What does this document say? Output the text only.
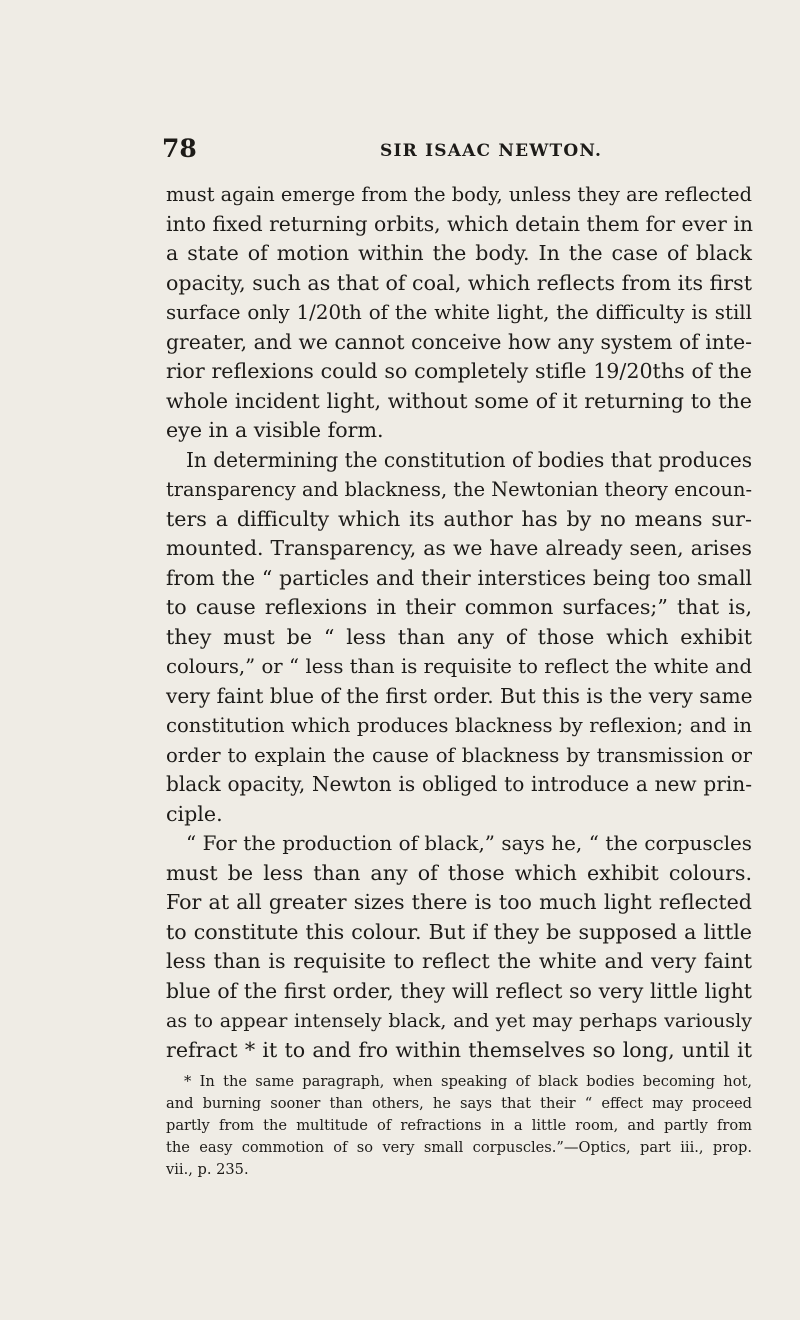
78	SIR ISAAC NEWTON.
must again emerge from the body, unless they are reflected
into fixed returning orbits, which detain them for ever in
a state of motion within the body. In the case of black
opacity, such as that of coal, which reflects from its first
surface only 1/20th of the white light, the difficulty is still
greater, and we cannot conceive how any system of inte-
rior reflexions could so completely stifle 19/20ths of the
whole incident light, without some of it returning to the
eye in a visible form.
In determining the constitution of bodies that produces
transparency and blackness, the Newtonian theory encoun-
ters a difficulty which its author has by no means sur-
mounted. Transparency, as we have already seen, arises
from the “ particles and their interstices being too small
to cause reflexions in their common surfaces;” that is,
they must be “ less than any of those which exhibit
colours,” or “ less than is requisite to reflect the white and
very faint blue of the first order. But this is the very same
constitution which produces blackness by reflexion; and in
order to explain the cause of blackness by transmission or
black opacity, Newton is obliged to introduce a new prin-
ciple.
“ For the production of black,” says he, “ the corpuscles
must be less than any of those which exhibit colours.
For at all greater sizes there is too much light reflected
to constitute this colour. But if they be supposed a little
less than is requisite to reflect the white and very faint
blue of the first order, they will reflect so very little light
as to appear intensely black, and yet may perhaps variously
refract * it to and fro within themselves so long, until it
* In the same paragraph, when speaking of black bodies becoming hot,
and burning sooner than others, he says that their “ effect may proceed
partly from the multitude of refractions in a little room, and partly from
the easy commotion of so very small corpuscles.”—Optics, part iii., prop.
vii., p. 235.
